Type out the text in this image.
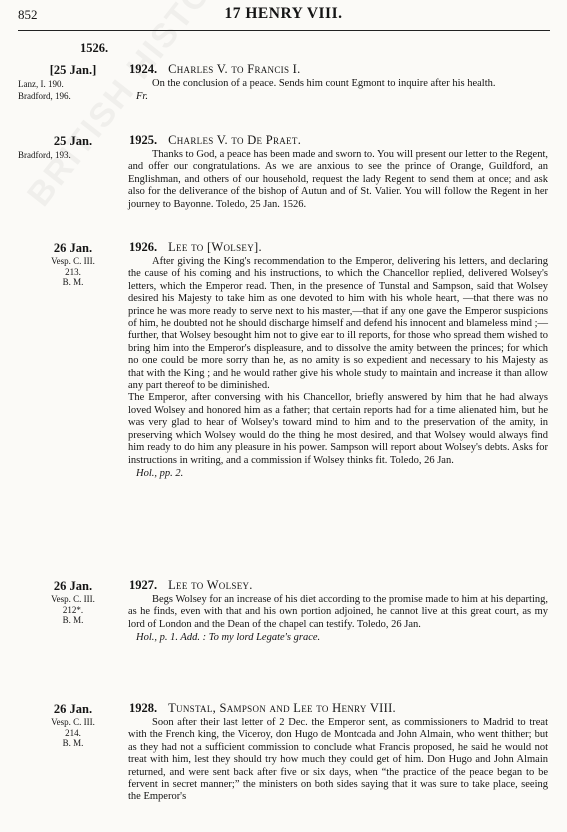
852	17 HENRY VIII.
1526.
[25 Jan.]
Lanz, I. 190.
Bradford, 196.
1924. Charles V. to Francis I.

On the conclusion of a peace. Sends him count Egmont to inquire after his health.

Fr.
25 Jan.
Bradford, 193.
1925. Charles V. to De Praet.

Thanks to God, a peace has been made and sworn to. You will present our letter to the Regent, and offer our congratulations. As we are anxious to see the prince of Orange, Guildford, an Englishman, and others of our household, request the lady Regent to send them at once; and ask also for the deliverance of the bishop of Autun and of St. Valier. You will follow the Regent in her journey to Bayonne. Toledo, 25 Jan. 1526.

26 Jan.
Vesp. C. III.
213.
B. M.
1926. Lee to [Wolsey].

After giving the King's recommendation to the Emperor, delivering his letters, and declaring the cause of his coming and his instructions, to which the Chancellor replied, delivered Wolsey's letters, which the Emperor read. Then, in the presence of Tunstal and Sampson, said that Wolsey desired his Majesty to take him as one devoted to him with his whole heart, —that there was no prince he was more ready to serve next to his master,—that if any one gave the Emperor suspicions of him, he doubted not he should discharge himself and defend his innocent and blameless mind ;—further, that Wolsey besought him not to give ear to ill reports, for those who spread them wished to bring him into the Emperor's displeasure, and to dissolve the amity between the princes; for which no one could be more sorry than he, as no amity is so expedient and necessary to his Majesty as that with the King ; and he would rather give his whole study to maintain and increase it than allow any part thereof to be diminished.

The Emperor, after conversing with his Chancellor, briefly answered by him that he had always loved Wolsey and honored him as a father; that certain reports had for a time alienated him, but he was very glad to hear of Wolsey's toward mind to him and to the preservation of the amity, in preserving which Wolsey would do the thing he most desired, and that Wolsey would always find him ready to do him any pleasure in his power. Sampson will report about Wolsey's debts. Asks for instructions in writing, and a commission if Wolsey thinks fit. Toledo, 26 Jan.

Hol., pp. 2.
26 Jan.
Vesp. C. III.
212*.
B. M.
1927. Lee to Wolsey.

Begs Wolsey for an increase of his diet according to the promise made to him at his departing, as he finds, even with that and his own portion adjoined, he cannot live at this great court, as my lord of London and the Dean of the chapel can testify. Toledo, 26 Jan.

Hol., p. 1. Add. : To my lord Legate's grace.
26 Jan.
Vesp. C. III.
214.
B. M.
1928. Tunstal, Sampson and Lee to Henry VIII.

Soon after their last letter of 2 Dec. the Emperor sent, as commissioners to Madrid to treat with the French king, the Viceroy, don Hugo de Montcada and John Almain, who went thither; but as they had not a sufficient commission to conclude what Francis proposed, he said he would not treat with him, lest they should try how much they could get of him. Don Hugo and John Almain returned, and were sent back after five or six days, when “the practice of the peace began to be fervent in secret manner;” the ministers on both sides saying that it was sure to take place, seeing the Emperor's
